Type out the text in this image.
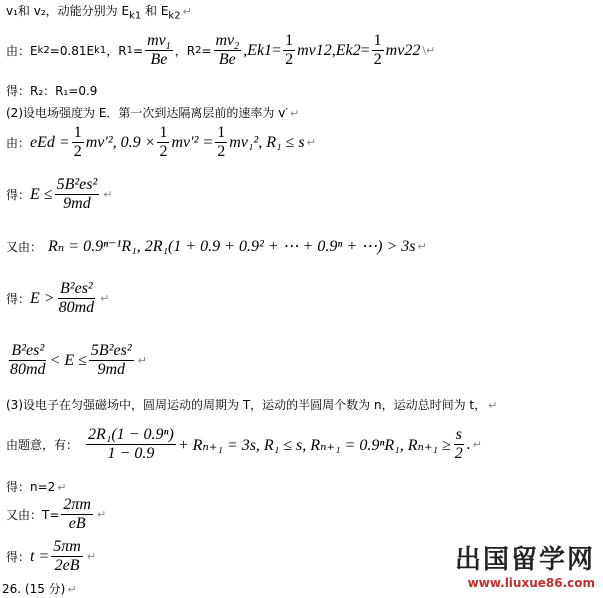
v₁和 v₂，动能分别为 $E_{k1}$ 和 $E_{k2}$ ↵
由： E k2 =0.81E k1 ，R $1 = \frac{mv_1}{Be}$ ，R $2 = \frac{mv_2}{Be}$ , E $k1 = \frac{1}{2}$ mv 1 2 , E $k2 = \frac{1}{2}$ mv 2 2 \↵
得：R₂：R₁=0.9
(2)设电场强度为 E．第一次到达隔离层前的速率为 v′ ↵
由： eEd = $\frac{1}{2} mv'^2$, $0.9 \times \frac{1}{2} mv'^2 = \frac{1}{2} mv_1^2$, R₁ ≤ s ↵
得： $E \le \frac{\text{5B²es²}}{9md}$ ↵
又由： Rₙ = 0.9ⁿ⁻¹R₁, 2R₁(1 + 0.9 + 0.9² + ⋯ + 0.9ⁿ + ⋯) > 3s ↵
得： $E > \frac{\text{B²es²}}{80md}$ ↵
$\frac{\text{B²es²}}{80md} < E \le \frac{\text{5B²es²}}{9md}$ ↵
(3)设电子在匀强磁场中，圆周运动的周期为 T，运动的半圆周个数为 n，运动总时间为 t， ↵
由题意，有： $\frac{\text{2R₁(1 − 0.9ⁿ)}}{1 - 0.9} + R_{n+1} = 3s$, R₁ ≤ s, Rₙ₊₁ = 0.9ⁿR₁, $R_{n+1} \ge \frac{s}{2}$ . ↵
得：n=2 ↵
又由：$T= \frac{2\pi m}{eB}$ ↵
得： $t = \frac{5\pi m}{2eB}$ ↵
26. (15 分) ↵
出国留学网
www.liuxue86.com
